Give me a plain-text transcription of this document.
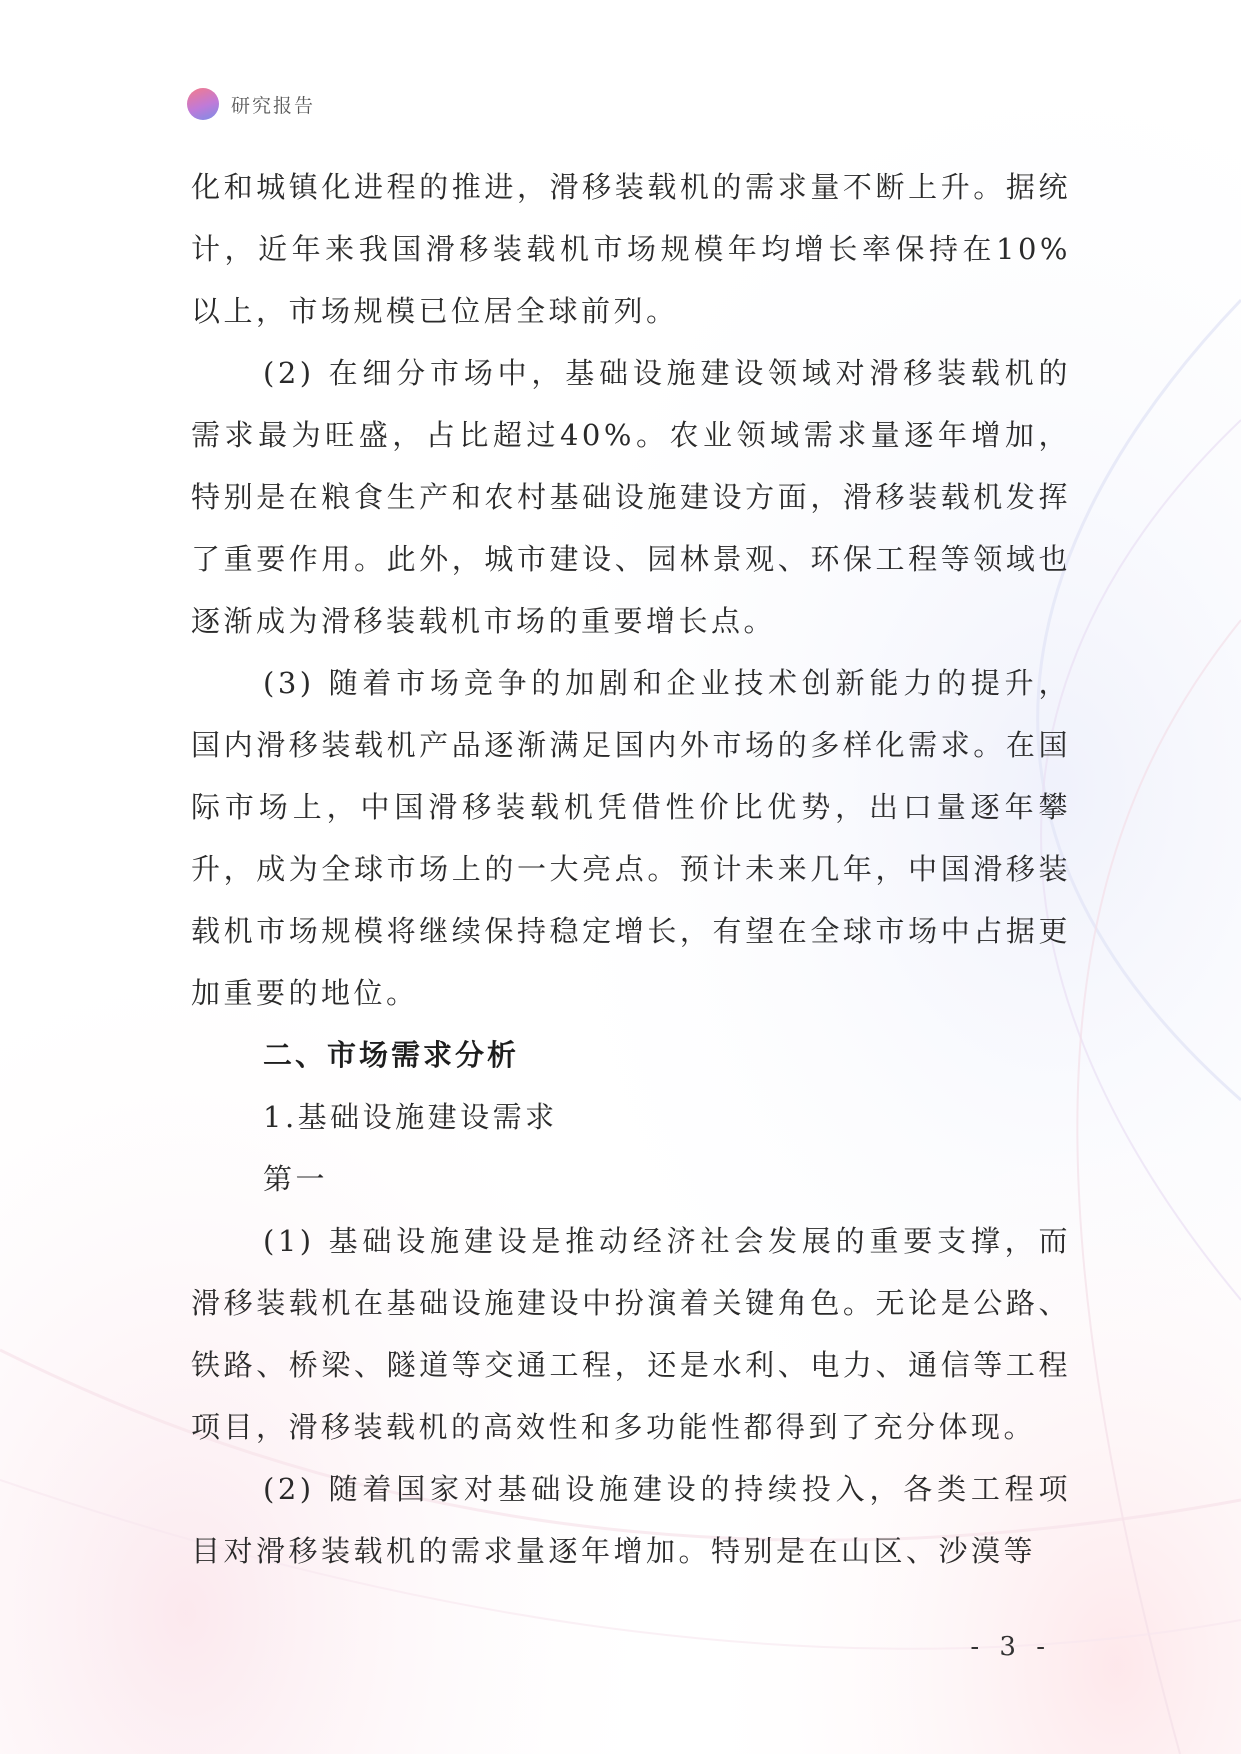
研究报告

化和城镇化进程的推进，滑移装载机的需求量不断上升。据统计，近年来我国滑移装载机市场规模年均增长率保持在10%以上，市场规模已位居全球前列。

(2) 在细分市场中，基础设施建设领域对滑移装载机的需求最为旺盛，占比超过40%。农业领域需求量逐年增加，特别是在粮食生产和农村基础设施建设方面，滑移装载机发挥了重要作用。此外，城市建设、园林景观、环保工程等领域也逐渐成为滑移装载机市场的重要增长点。

(3) 随着市场竞争的加剧和企业技术创新能力的提升，国内滑移装载机产品逐渐满足国内外市场的多样化需求。在国际市场上，中国滑移装载机凭借性价比优势，出口量逐年攀升，成为全球市场上的一大亮点。预计未来几年，中国滑移装载机市场规模将继续保持稳定增长，有望在全球市场中占据更加重要的地位。

二、市场需求分析

1.基础设施建设需求

第一

(1) 基础设施建设是推动经济社会发展的重要支撑，而滑移装载机在基础设施建设中扮演着关键角色。无论是公路、铁路、桥梁、隧道等交通工程，还是水利、电力、通信等工程项目，滑移装载机的高效性和多功能性都得到了充分体现。

(2) 随着国家对基础设施建设的持续投入，各类工程项目对滑移装载机的需求量逐年增加。特别是在山区、沙漠等

- 3 -
